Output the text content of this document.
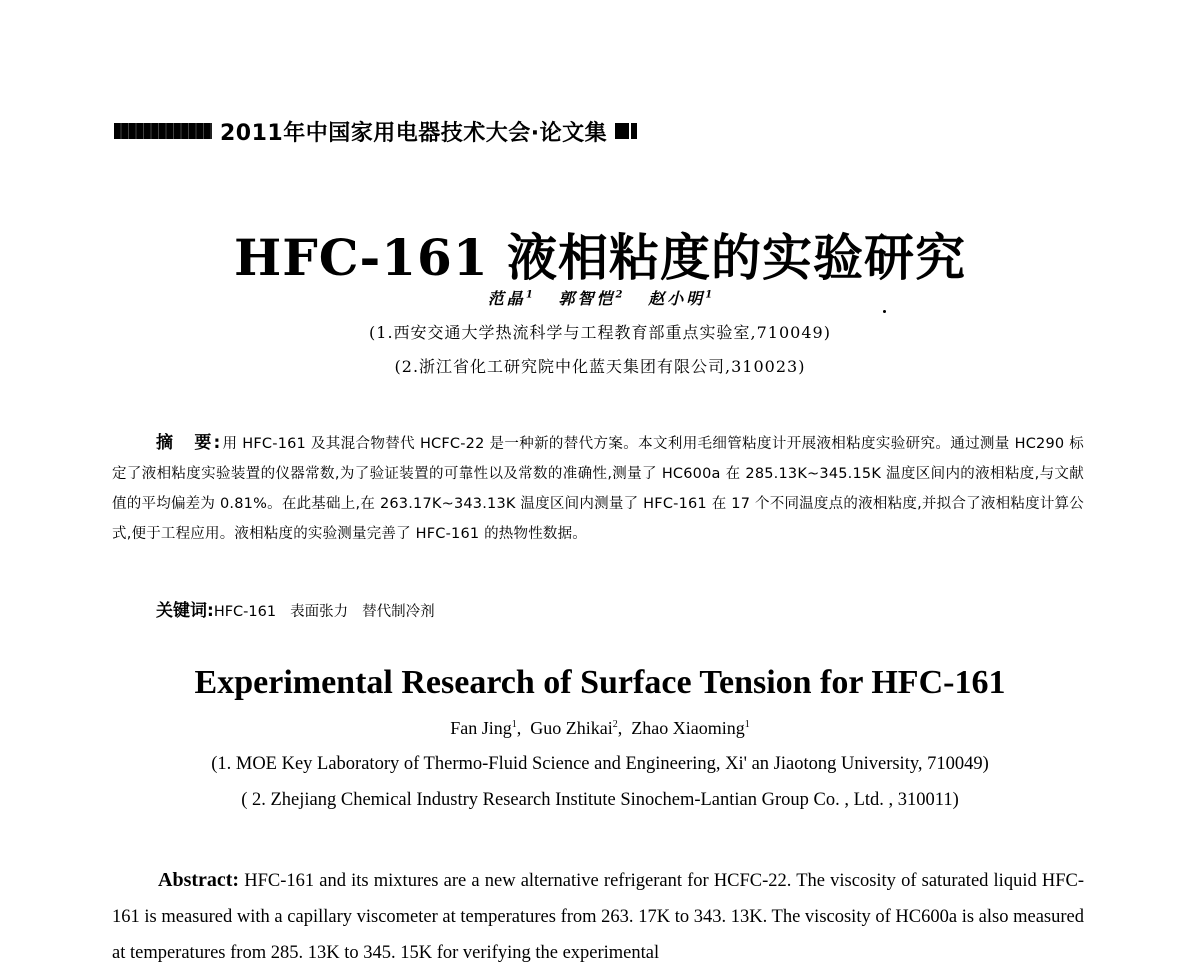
2011年中国家用电器技术大会·论文集
HFC-161 液相粘度的实验研究
范晶$^1$ 郭智恺$^2$ 赵小明$^1$
(1.西安交通大学热流科学与工程教育部重点实验室,710049)
(2.浙江省化工研究院中化蓝天集团有限公司,310023)
摘　要:用 HFC-161 及其混合物替代 HCFC-22 是一种新的替代方案。本文利用毛细管粘度计开展液相粘度实验研究。通过测量 HC290 标定了液相粘度实验装置的仪器常数,为了验证装置的可靠性以及常数的准确性,测量了 HC600a 在 285.13K~345.15K 温度区间内的液相粘度,与文献值的平均偏差为 0.81%。在此基础上,在 263.17K~343.13K 温度区间内测量了 HFC-161 在 17 个不同温度点的液相粘度,并拟合了液相粘度计算公式,便于工程应用。液相粘度的实验测量完善了 HFC-161 的热物性数据。
关键词:HFC-161 表面张力 替代制冷剂
Experimental Research of Surface Tension for HFC-161
Fan Jing$^1$,  Guo Zhikai$^2$,  Zhao Xiaoming$^1$
(1. MOE Key Laboratory of Thermo-Fluid Science and Engineering, Xi' an Jiaotong University, 710049)
( 2. Zhejiang Chemical Industry Research Institute Sinochem-Lantian Group Co. , Ltd. , 310011)
Abstract: HFC-161 and its mixtures are a new alternative refrigerant for HCFC-22. The viscosity of saturated liquid HFC-161 is measured with a capillary viscometer at temperatures from 263. 17K to 343. 13K. The viscosity of HC600a is also measured at temperatures from 285. 13K to 345. 15K for verifying the experimental
